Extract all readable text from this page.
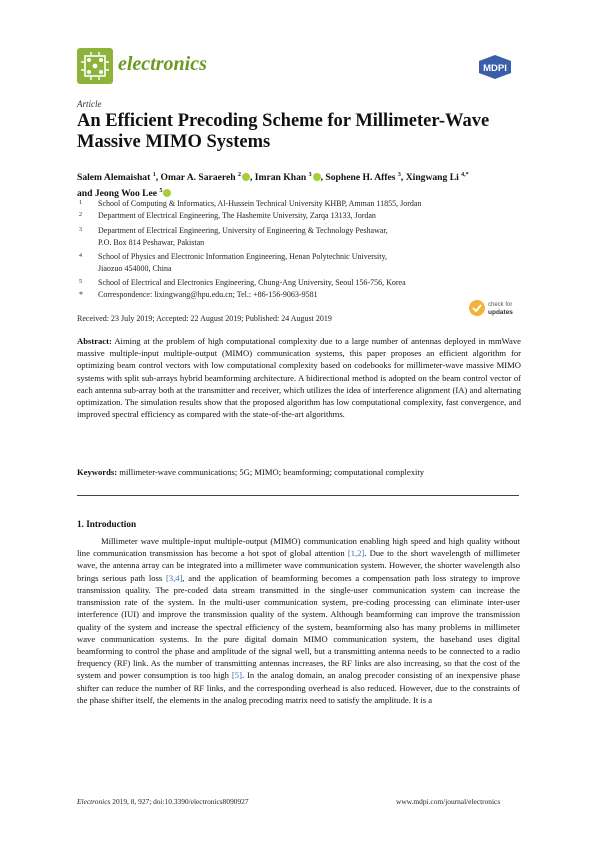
electronics	MDPI
Article
An Efficient Precoding Scheme for Millimeter-Wave Massive MIMO Systems
Salem Alemaishat $^1$, Omar A. Saraereh $^2$ , Imran Khan $^3$ , Sophene H. Affes $^3$, Xingwang Li $^{4,*}$
and Jeong Woo Lee $^5$
1 School of Computing & Informatics, Al-Hussein Technical University KHBP, Amman 11855, Jordan
2 Department of Electrical Engineering, The Hashemite University, Zarqa 13133, Jordan
3 Department of Electrical Engineering, University of Engineering & Technology Peshawar,
P.O. Box 814 Peshawar, Pakistan
4 School of Physics and Electronic Information Engineering, Henan Polytechnic University,
Jiaozuo 454000, China
5 School of Electrical and Electronics Engineering, Chung-Ang University, Seoul 156-756, Korea
* Correspondence: lixingwang@hpu.edu.cn; Tel.: +86-156-9063-9581
check for
updates
Received: 23 July 2019; Accepted: 22 August 2019; Published: 24 August 2019
Abstract: Aiming at the problem of high computational complexity due to a large number of antennas deployed in mmWave massive multiple-input multiple-output (MIMO) communication systems, this paper proposes an efficient algorithm for optimizing beam control vectors with low computational complexity based on codebooks for millimeter-wave massive MIMO systems with split sub-arrays hybrid beamforming architecture. A bidirectional method is adopted on the beam control vector of each antenna sub-array both at the transmitter and receiver, which utilizes the idea of interference alignment (IA) and alternating optimization. The simulation results show that the proposed algorithm has low computational complexity, fast convergence, and improved spectral efficiency as compared with the state-of-the-art algorithms.
Keywords: millimeter-wave communications; 5G; MIMO; beamforming; computational complexity
1. Introduction
Millimeter wave multiple-input multiple-output (MIMO) communication enabling high speed and high quality without line communication transmission has become a hot spot of global attention [1,2]. Due to the short wavelength of millimeter wave, the antenna array can be integrated into a millimeter wave communication system. However, the shorter wavelength also brings serious path loss [3,4], and the application of beamforming becomes a compensation path loss strategy to improve transmission quality. The pre-coded data stream transmitted in the single-user communication system can increase the transmission rate of the system. In the multi-user communication system, pre-coding processing can eliminate inter-user interference (IUI) and improve the transmission quality of the system. Although beamforming can improve the transmission quality of the system and increase the spectral efficiency of the system, beamforming also has many problems in millimeter wave communication systems. In the pure digital domain MIMO communication system, the baseband uses digital beamforming to control the phase and amplitude of the signal well, but a transmitting antenna needs to be connected to a radio frequency (RF) link. As the number of transmitting antennas increases, the RF links are also increasing, so that the cost of the system and power consumption is too high [5]. In the analog domain, an analog precoder consisting of an inexpensive phase shifter can reduce the number of RF links, and the corresponding overhead is also reduced. However, due to the constraints of the phase shifter itself, the elements in the analog precoding matrix need to satisfy the amplitude. It is a
Electronics 2019, 8, 927; doi:10.3390/electronics8090927	www.mdpi.com/journal/electronics
